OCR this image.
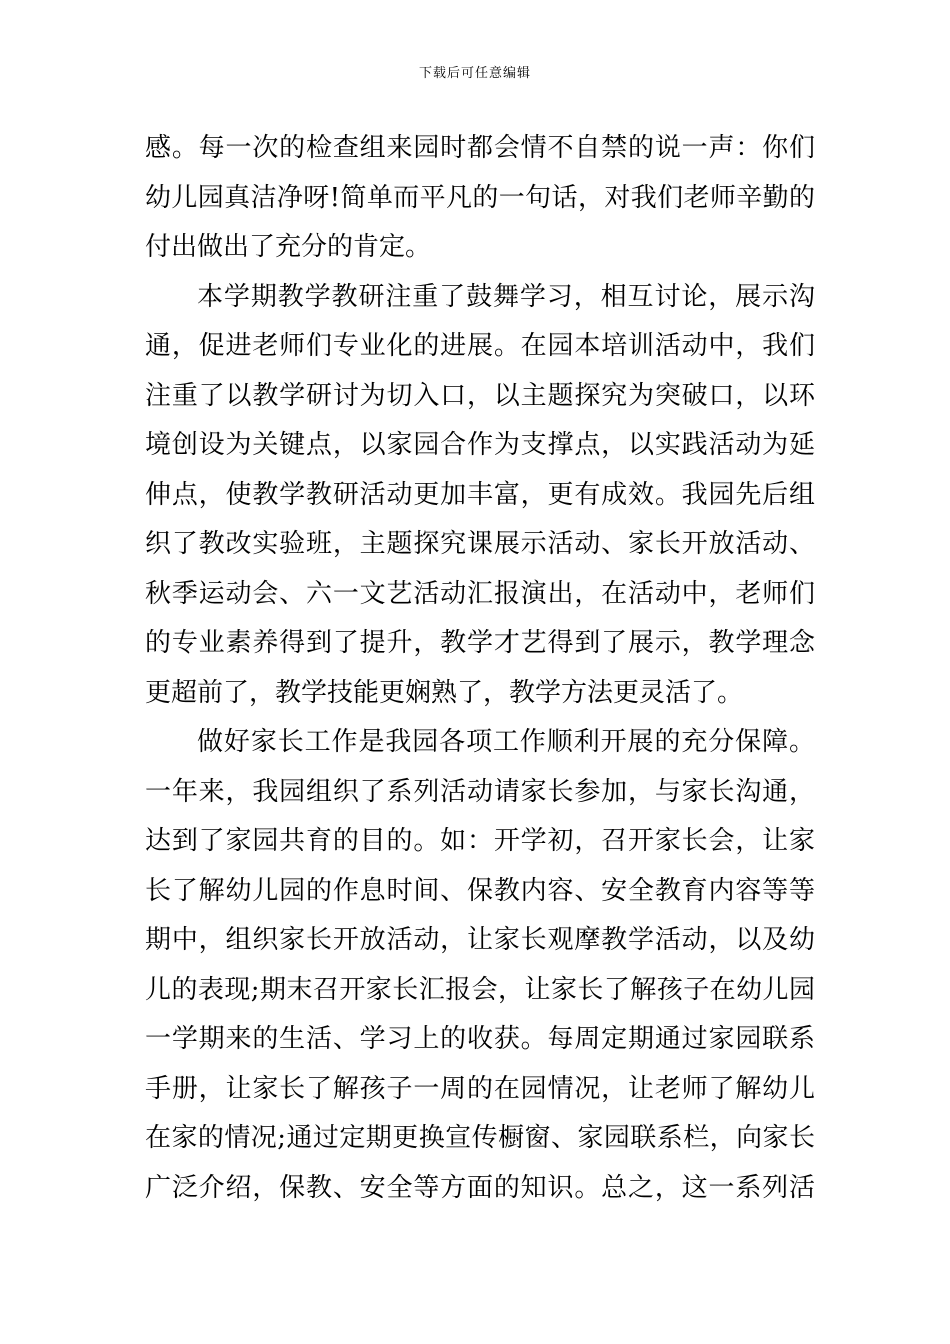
下载后可任意编辑
感。每一次的检查组来园时都会情不自禁的说一声：你们
幼儿园真洁净呀!简单而平凡的一句话，对我们老师辛勤的
付出做出了充分的肯定。
本学期教学教研注重了鼓舞学习，相互讨论，展示沟
通，促进老师们专业化的进展。在园本培训活动中，我们
注重了以教学研讨为切入口，以主题探究为突破口，以环
境创设为关键点，以家园合作为支撑点，以实践活动为延
伸点，使教学教研活动更加丰富，更有成效。我园先后组
织了教改实验班，主题探究课展示活动、家长开放活动、
秋季运动会、六一文艺活动汇报演出，在活动中，老师们
的专业素养得到了提升，教学才艺得到了展示，教学理念
更超前了，教学技能更娴熟了，教学方法更灵活了。
做好家长工作是我园各项工作顺利开展的充分保障。
一年来，我园组织了系列活动请家长参加，与家长沟通，
达到了家园共育的目的。如：开学初，召开家长会，让家
长了解幼儿园的作息时间、保教内容、安全教育内容等等
期中，组织家长开放活动，让家长观摩教学活动，以及幼
儿的表现;期末召开家长汇报会，让家长了解孩子在幼儿园
一学期来的生活、学习上的收获。每周定期通过家园联系
手册，让家长了解孩子一周的在园情况，让老师了解幼儿
在家的情况;通过定期更换宣传橱窗、家园联系栏，向家长
广泛介绍，保教、安全等方面的知识。总之，这一系列活
